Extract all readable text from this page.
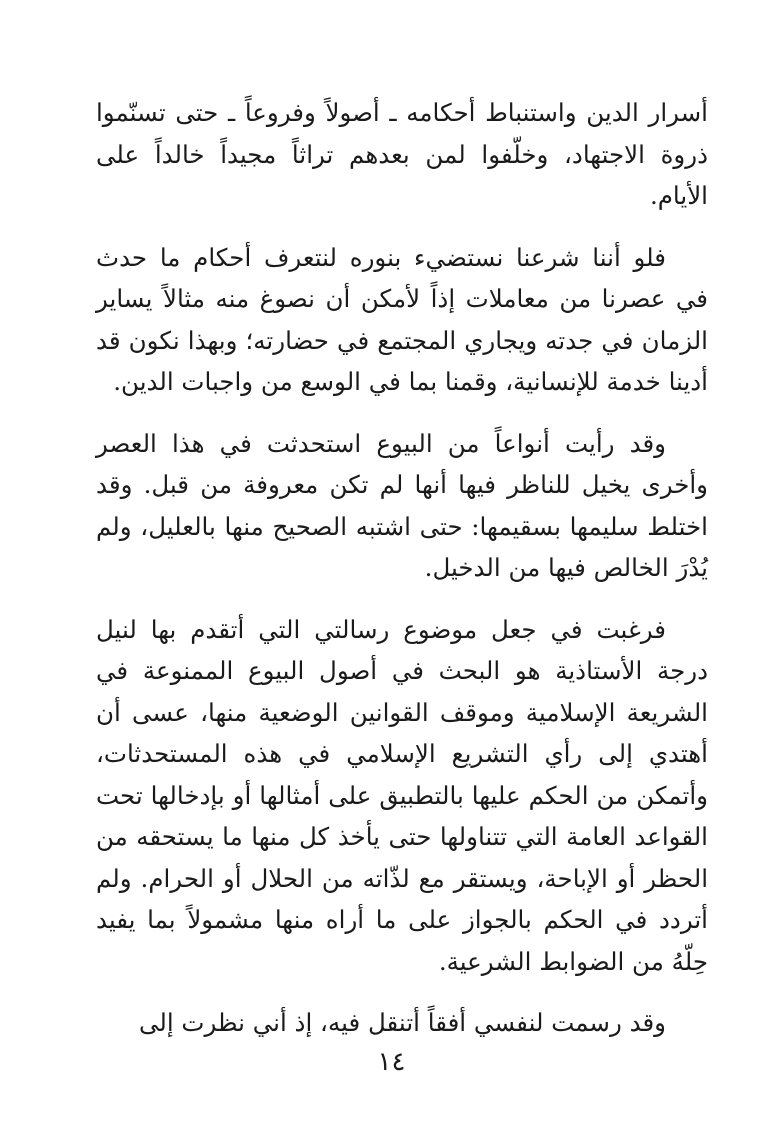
أسرار الدين واستنباط أحكامه ـ أصولاً وفروعاً ـ حتى تسنّموا ذروة الاجتهاد، وخلّفوا لمن بعدهم تراثاً مجيداً خالداً على الأيام.

فلو أننا شرعنا نستضيء بنوره لنتعرف أحكام ما حدث في عصرنا من معاملات إذاً لأمكن أن نصوغ منه مثالاً يساير الزمان في جدته ويجاري المجتمع في حضارته؛ وبهذا نكون قد أدينا خدمة للإنسانية، وقمنا بما في الوسع من واجبات الدين.

وقد رأيت أنواعاً من البيوع استحدثت في هذا العصر وأخرى يخيل للناظر فيها أنها لم تكن معروفة من قبل. وقد اختلط سليمها بسقيمها: حتى اشتبه الصحيح منها بالعليل، ولم يُدْرَ الخالص فيها من الدخيل.

فرغبت في جعل موضوع رسالتي التي أتقدم بها لنيل درجة الأستاذية هو البحث في أصول البيوع الممنوعة في الشريعة الإسلامية وموقف القوانين الوضعية منها، عسى أن أهتدي إلى رأي التشريع الإسلامي في هذه المستحدثات، وأتمكن من الحكم عليها بالتطبيق على أمثالها أو بإدخالها تحت القواعد العامة التي تتناولها حتى يأخذ كل منها ما يستحقه من الحظر أو الإباحة، ويستقر مع لذّاته من الحلال أو الحرام. ولم أتردد في الحكم بالجواز على ما أراه منها مشمولاً بما يفيد حِلّهُ من الضوابط الشرعية.

وقد رسمت لنفسي أفقاً أتنقل فيه، إذ أني نظرت إلى

١٤
